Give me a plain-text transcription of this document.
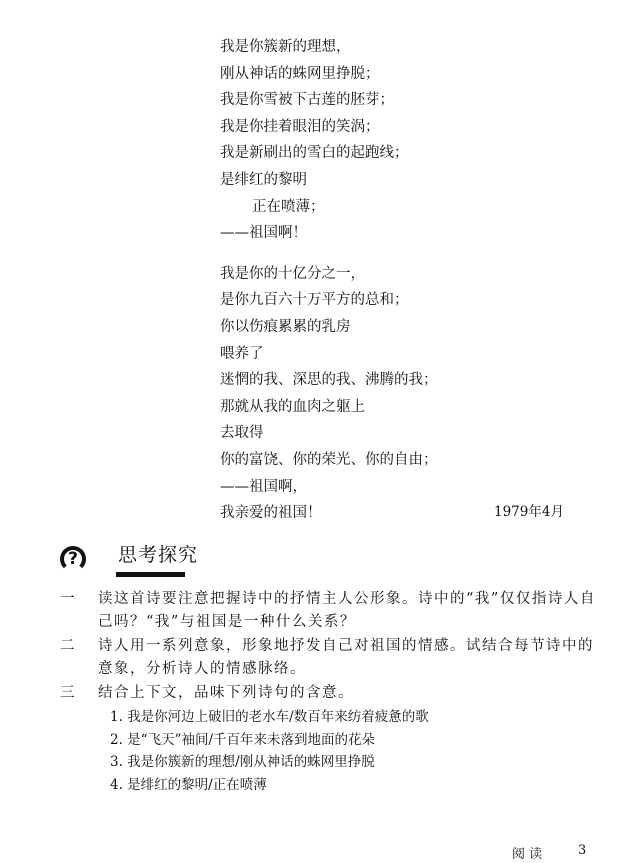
我是你簇新的理想，
刚从神话的蛛网里挣脱；
我是你雪被下古莲的胚芽；
我是你挂着眼泪的笑涡；
我是新刷出的雪白的起跑线；
是绯红的黎明
正在喷薄；
——祖国啊！
我是你的十亿分之一，
是你九百六十万平方的总和；
你以伤痕累累的乳房
喂养了
迷惘的我、深思的我、沸腾的我；
那就从我的血肉之躯上
去取得
你的富饶、你的荣光、你的自由；
——祖国啊，
我亲爱的祖国！	1979年4月
?	思考探究
一	读这首诗要注意把握诗中的抒情主人公形象。诗中的“我”仅仅指诗人自己吗？“我”与祖国是一种什么关系？
二	诗人用一系列意象，形象地抒发自己对祖国的情感。试结合每节诗中的意象，分析诗人的情感脉络。
三	结合上下文，品味下列诗句的含意。
1. 我是你河边上破旧的老水车/数百年来纺着疲惫的歌
2. 是“飞天”袖间/千百年来未落到地面的花朵
3. 我是你簇新的理想/刚从神话的蛛网里挣脱
4. 是绯红的黎明/正在喷薄
阅 读	3
